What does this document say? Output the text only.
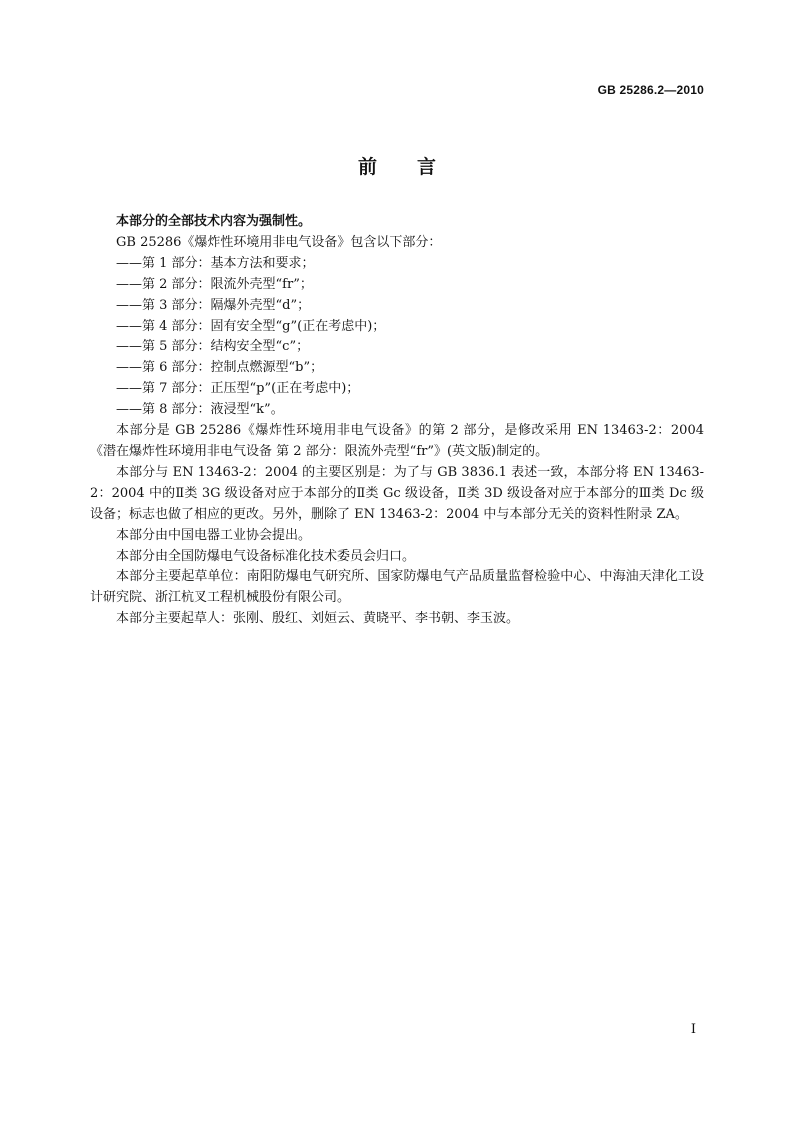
GB 25286.2—2010
前言

本部分的全部技术内容为强制性。

GB 25286《爆炸性环境用非电气设备》包含以下部分：

——第 1 部分：基本方法和要求；

——第 2 部分：限流外壳型“fr”；

——第 3 部分：隔爆外壳型“d”；

——第 4 部分：固有安全型“g”(正在考虑中)；

——第 5 部分：结构安全型“c”；

——第 6 部分：控制点燃源型“b”；

——第 7 部分：正压型“p”(正在考虑中)；

——第 8 部分：液浸型“k”。

本部分是 GB 25286《爆炸性环境用非电气设备》的第 2 部分，是修改采用 EN 13463-2：2004《潜在爆炸性环境用非电气设备 第 2 部分：限流外壳型“fr”》(英文版)制定的。

本部分与 EN 13463-2：2004 的主要区别是：为了与 GB 3836.1 表述一致，本部分将 EN 13463-2：2004 中的Ⅱ类 3G 级设备对应于本部分的Ⅱ类 Gc 级设备，Ⅱ类 3D 级设备对应于本部分的Ⅲ类 Dc 级设备；标志也做了相应的更改。另外，删除了 EN 13463-2：2004 中与本部分无关的资料性附录 ZA。

本部分由中国电器工业协会提出。

本部分由全国防爆电气设备标准化技术委员会归口。

本部分主要起草单位：南阳防爆电气研究所、国家防爆电气产品质量监督检验中心、中海油天津化工设计研究院、浙江杭叉工程机械股份有限公司。

本部分主要起草人：张刚、殷红、刘姮云、黄晓平、李书朝、李玉波。

I
